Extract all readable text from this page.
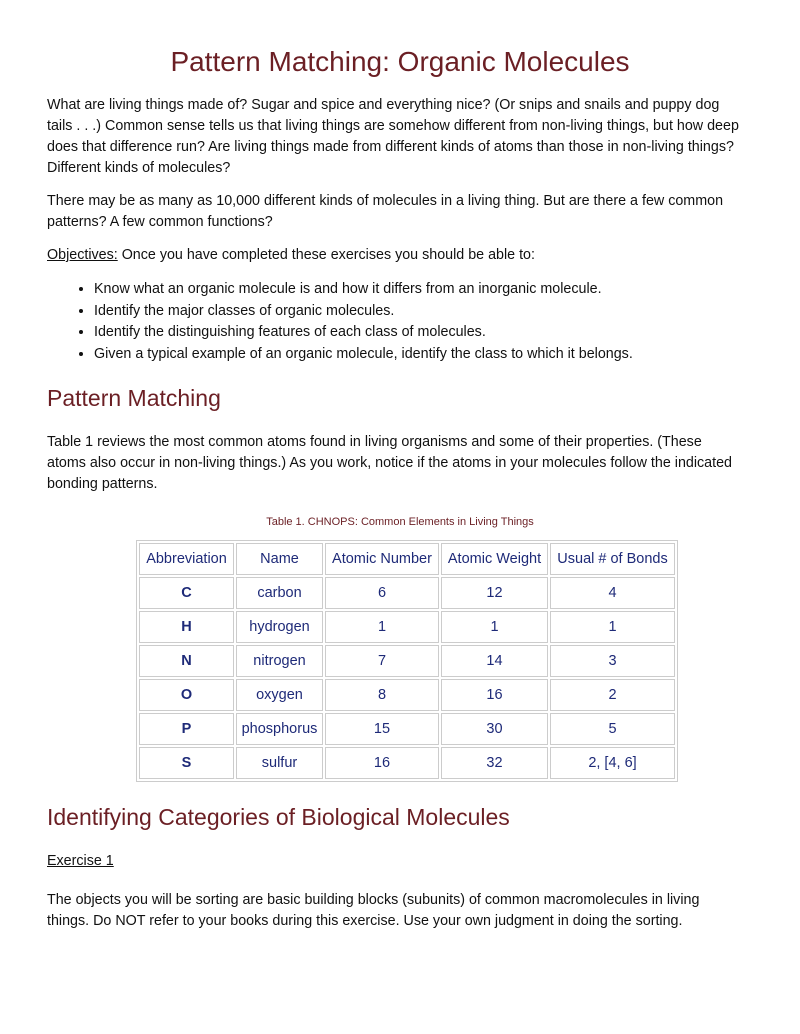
Pattern Matching: Organic Molecules

What are living things made of? Sugar and spice and everything nice? (Or snips and snails and puppy dog tails . . .) Common sense tells us that living things are somehow different from non-living things, but how deep does that difference run? Are living things made from different kinds of atoms than those in non-living things? Different kinds of molecules?

There may be as many as 10,000 different kinds of molecules in a living thing. But are there a few common patterns? A few common functions?

Objectives: Once you have completed these exercises you should be able to:

• Know what an organic molecule is and how it differs from an inorganic molecule.
• Identify the major classes of organic molecules.
• Identify the distinguishing features of each class of molecules.
• Given a typical example of an organic molecule, identify the class to which it belongs.
Pattern Matching

Table 1 reviews the most common atoms found in living organisms and some of their properties. (These atoms also occur in non-living things.) As you work, notice if the atoms in your molecules follow the indicated bonding patterns.

Table 1. CHNOPS: Common Elements in Living Things
Abbreviation	Name	Atomic Number	Atomic Weight	Usual # of Bonds
C	carbon	6	12	4
H	hydrogen	1	1	1
N	nitrogen	7	14	3
O	oxygen	8	16	2
P	phosphorus	15	30	5
S	sulfur	16	32	2, [4, 6]
Identifying Categories of Biological Molecules

Exercise 1

The objects you will be sorting are basic building blocks (subunits) of common macromolecules in living things. Do NOT refer to your books during this exercise. Use your own judgment in doing the sorting.
